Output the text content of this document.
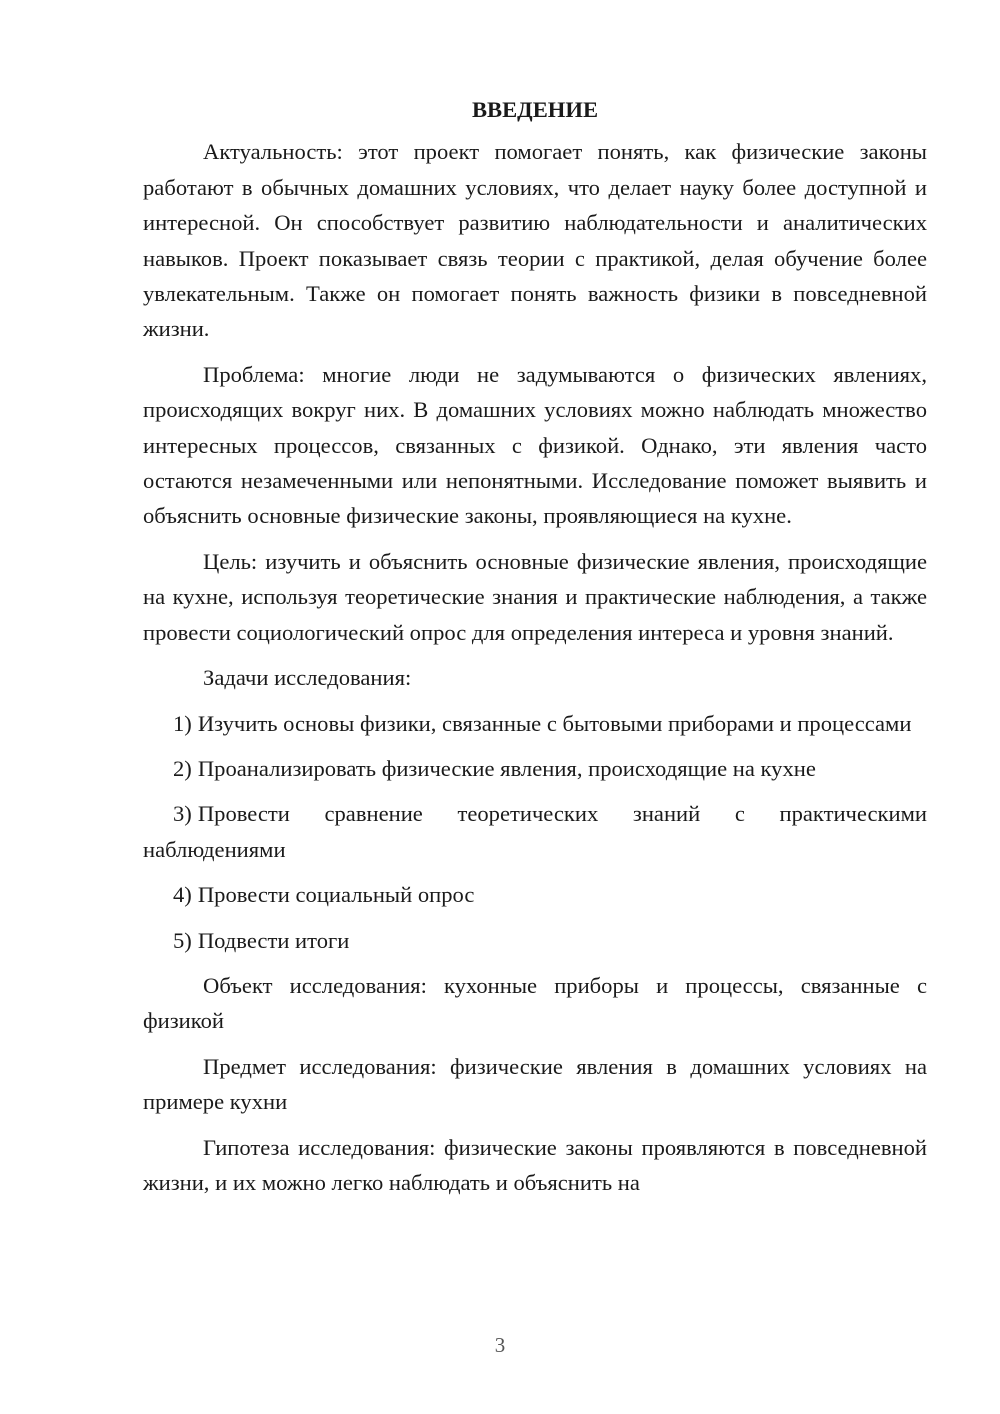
ВВЕДЕНИЕ

Актуальность: этот проект помогает понять, как физические законы работают в обычных домашних условиях, что делает науку более доступной и интересной. Он способствует развитию наблюдательности и аналитических навыков. Проект показывает связь теории с практикой, делая обучение более увлекательным. Также он помогает понять важность физики в повседневной жизни.

Проблема: многие люди не задумываются о физических явлениях, происходящих вокруг них. В домашних условиях можно наблюдать множество интересных процессов, связанных с физикой. Однако, эти явления часто остаются незамеченными или непонятными. Исследование поможет выявить и объяснить основные физические законы, проявляющиеся на кухне.

Цель: изучить и объяснить основные физические явления, происходящие на кухне, используя теоретические знания и практические наблюдения, а также провести социологический опрос для определения интереса и уровня знаний.

Задачи исследования:

1) Изучить основы физики, связанные с бытовыми приборами и процессами

2) Проанализировать физические явления, происходящие на кухне

3) Провести сравнение теоретических знаний с практическими наблюдениями

4) Провести социальный опрос

5) Подвести итоги

Объект исследования: кухонные приборы и процессы, связанные с физикой

Предмет исследования: физические явления в домашних условиях на примере кухни

Гипотеза исследования: физические законы проявляются в повседневной жизни, и их можно легко наблюдать и объяснить на

3
